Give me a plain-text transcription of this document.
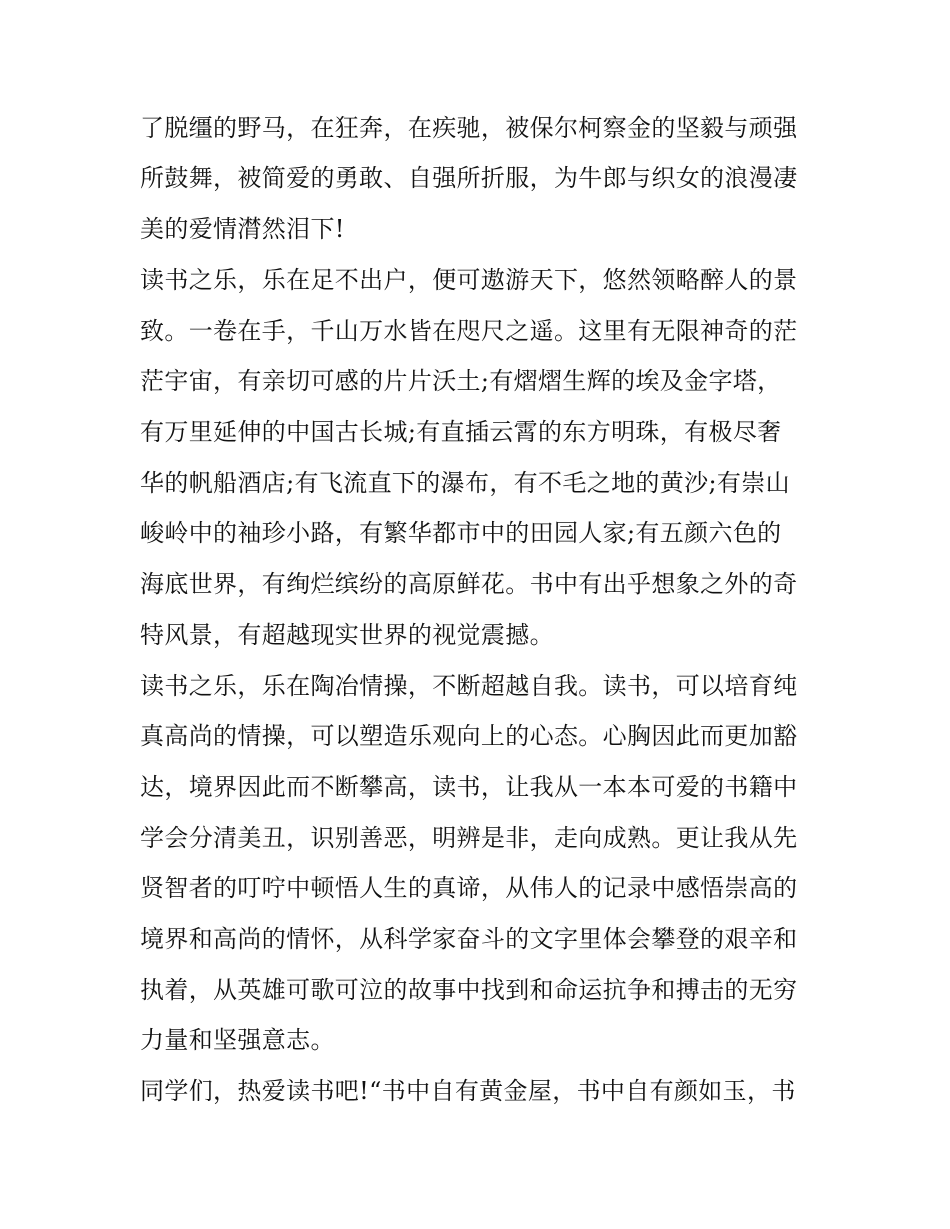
了脱缰的野马，在狂奔，在疾驰，被保尔柯察金的坚毅与顽强
所鼓舞，被简爱的勇敢、自强所折服，为牛郎与织女的浪漫凄
美的爱情潸然泪下!
读书之乐，乐在足不出户，便可遨游天下，悠然领略醉人的景
致。一卷在手，千山万水皆在咫尺之遥。这里有无限神奇的茫
茫宇宙，有亲切可感的片片沃土;有熠熠生辉的埃及金字塔，
有万里延伸的中国古长城;有直插云霄的东方明珠，有极尽奢
华的帆船酒店;有飞流直下的瀑布，有不毛之地的黄沙;有崇山
峻岭中的袖珍小路，有繁华都市中的田园人家;有五颜六色的
海底世界，有绚烂缤纷的高原鲜花。书中有出乎想象之外的奇
特风景，有超越现实世界的视觉震撼。
读书之乐，乐在陶冶情操，不断超越自我。读书，可以培育纯
真高尚的情操，可以塑造乐观向上的心态。心胸因此而更加豁
达，境界因此而不断攀高，读书，让我从一本本可爱的书籍中
学会分清美丑，识别善恶，明辨是非，走向成熟。更让我从先
贤智者的叮咛中顿悟人生的真谛，从伟人的记录中感悟崇高的
境界和高尚的情怀，从科学家奋斗的文字里体会攀登的艰辛和
执着，从英雄可歌可泣的故事中找到和命运抗争和搏击的无穷
力量和坚强意志。
同学们，热爱读书吧!“书中自有黄金屋，书中自有颜如玉，书
